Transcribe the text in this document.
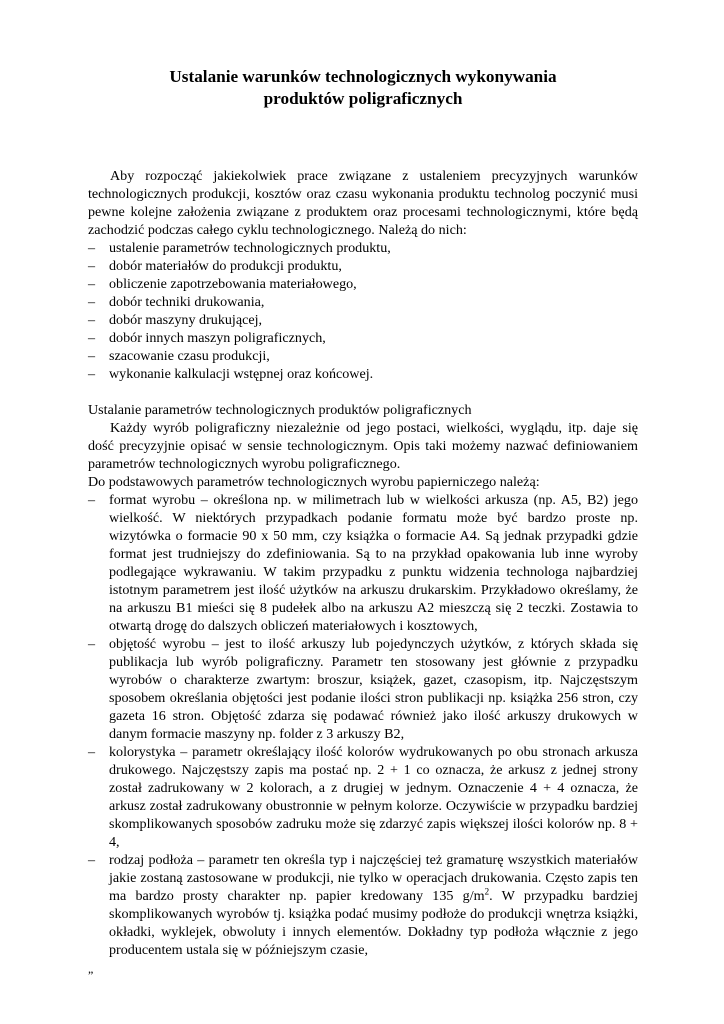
Ustalanie warunków technologicznych wykonywania
produktów poligraficznych

Aby rozpocząć jakiekolwiek prace związane z ustaleniem precyzyjnych warunków technologicznych produkcji, kosztów oraz czasu wykonania produktu technolog poczynić musi pewne kolejne założenia związane z produktem oraz procesami technologicznymi, które będą zachodzić podczas całego cyklu technologicznego. Należą do nich:

– ustalenie parametrów technologicznych produktu,
– dobór materiałów do produkcji produktu,
– obliczenie zapotrzebowania materiałowego,
– dobór techniki drukowania,
– dobór maszyny drukującej,
– dobór innych maszyn poligraficznych,
– szacowanie czasu produkcji,
– wykonanie kalkulacji wstępnej oraz końcowej.

Ustalanie parametrów technologicznych produktów poligraficznych

Każdy wyrób poligraficzny niezależnie od jego postaci, wielkości, wyglądu, itp. daje się dość precyzyjnie opisać w sensie technologicznym. Opis taki możemy nazwać definiowaniem parametrów technologicznych wyrobu poligraficznego.

Do podstawowych parametrów technologicznych wyrobu papierniczego należą:

– format wyrobu – określona np. w milimetrach lub w wielkości arkusza (np. A5, B2) jego wielkość. W niektórych przypadkach podanie formatu może być bardzo proste np. wizytówka o formacie 90 x 50 mm, czy książka o formacie A4. Są jednak przypadki gdzie format jest trudniejszy do zdefiniowania. Są to na przykład opakowania lub inne wyroby podlegające wykrawaniu. W takim przypadku z punktu widzenia technologa najbardziej istotnym parametrem jest ilość użytków na arkuszu drukarskim. Przykładowo określamy, że na arkuszu B1 mieści się 8 pudełek albo na arkuszu A2 mieszczą się 2 teczki. Zostawia to otwartą drogę do dalszych obliczeń materiałowych i kosztowych,
– objętość wyrobu – jest to ilość arkuszy lub pojedynczych użytków, z których składa się publikacja lub wyrób poligraficzny. Parametr ten stosowany jest głównie z przypadku wyrobów o charakterze zwartym: broszur, książek, gazet, czasopism, itp. Najczęstszym sposobem określania objętości jest podanie ilości stron publikacji np. książka 256 stron, czy gazeta 16 stron. Objętość zdarza się podawać również jako ilość arkuszy drukowych w danym formacie maszyny np. folder z 3 arkuszy B2,
– kolorystyka – parametr określający ilość kolorów wydrukowanych po obu stronach arkusza drukowego. Najczęstszy zapis ma postać np. 2 + 1 co oznacza, że arkusz z jednej strony został zadrukowany w 2 kolorach, a z drugiej w jednym. Oznaczenie 4 + 4 oznacza, że arkusz został zadrukowany obustronnie w pełnym kolorze. Oczywiście w przypadku bardziej skomplikowanych sposobów zadruku może się zdarzyć zapis większej ilości kolorów np. 8 + 4,
– rodzaj podłoża – parametr ten określa typ i najczęściej też gramaturę wszystkich materiałów jakie zostaną zastosowane w produkcji, nie tylko w operacjach drukowania. Często zapis ten ma bardzo prosty charakter np. papier kredowany 135 $g/m^2$. W przypadku bardziej skomplikowanych wyrobów tj. książka podać musimy podłoże do produkcji wnętrza książki, okładki, wyklejek, obwoluty i innych elementów. Dokładny typ podłoża włącznie z jego producentem ustala się w późniejszym czasie,
”
